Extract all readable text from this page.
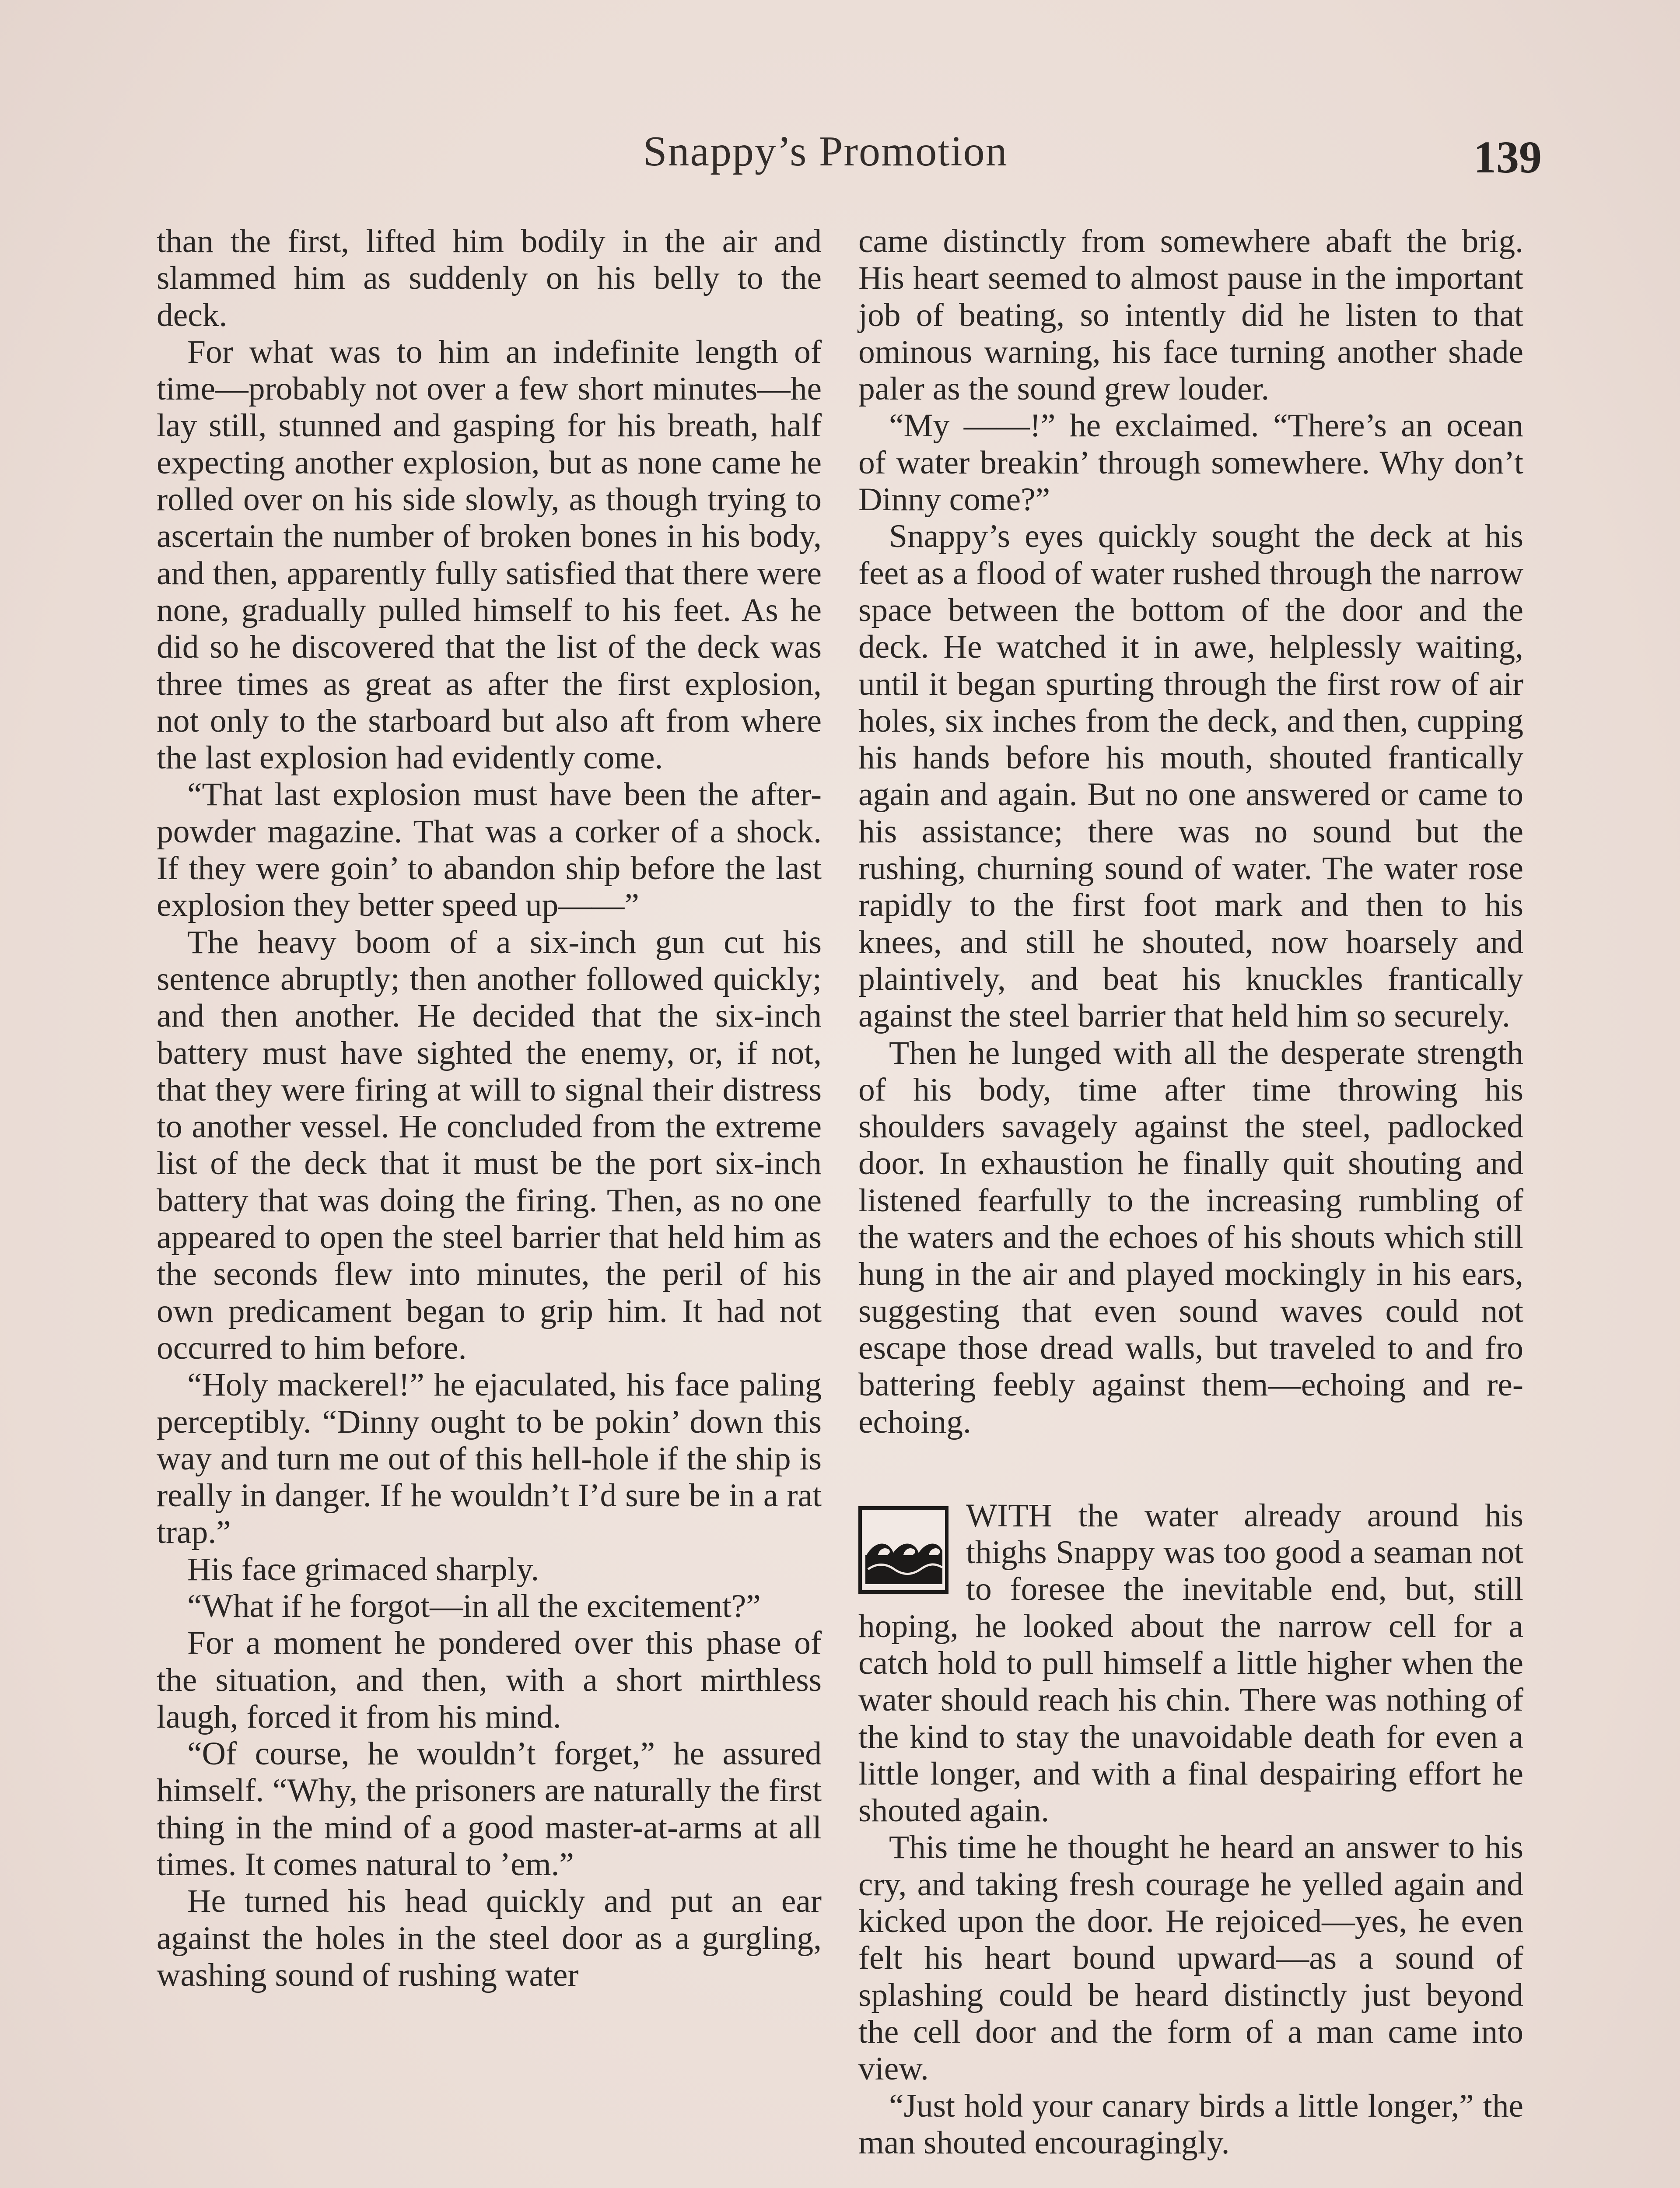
Snappy’s Promotion	139

than the first, lifted him bodily in the air and slammed him as suddenly on his belly to the deck.

For what was to him an indefinite length of time—probably not over a few short minutes—he lay still, stunned and gasping for his breath, half expecting another explosion, but as none came he rolled over on his side slowly, as though trying to ascertain the number of broken bones in his body, and then, apparently fully satisfied that there were none, gradually pulled himself to his feet. As he did so he discovered that the list of the deck was three times as great as after the first explosion, not only to the starboard but also aft from where the last explosion had evidently come.

“That last explosion must have been the after-powder magazine. That was a corker of a shock. If they were goin’ to abandon ship before the last explosion they better speed up——”

The heavy boom of a six-inch gun cut his sentence abruptly; then another followed quickly; and then another. He decided that the six-inch battery must have sighted the enemy, or, if not, that they were firing at will to signal their distress to another vessel. He concluded from the extreme list of the deck that it must be the port six-inch battery that was doing the firing. Then, as no one appeared to open the steel barrier that held him as the seconds flew into minutes, the peril of his own predicament began to grip him. It had not occurred to him before.

“Holy mackerel!” he ejaculated, his face paling perceptibly. “Dinny ought to be pokin’ down this way and turn me out of this hell-hole if the ship is really in danger. If he wouldn’t I’d sure be in a rat trap.”

His face grimaced sharply.

“What if he forgot—in all the excitement?”

For a moment he pondered over this phase of the situation, and then, with a short mirthless laugh, forced it from his mind.

“Of course, he wouldn’t forget,” he assured himself. “Why, the prisoners are naturally the first thing in the mind of a good master-at-arms at all times. It comes natural to ’em.”

He turned his head quickly and put an ear against the holes in the steel door as a gurgling, washing sound of rushing water

came distinctly from somewhere abaft the brig. His heart seemed to almost pause in the important job of beating, so intently did he listen to that ominous warning, his face turning another shade paler as the sound grew louder.

“My ——!” he exclaimed. “There’s an ocean of water breakin’ through somewhere. Why don’t Dinny come?”

Snappy’s eyes quickly sought the deck at his feet as a flood of water rushed through the narrow space between the bottom of the door and the deck. He watched it in awe, helplessly waiting, until it began spurting through the first row of air holes, six inches from the deck, and then, cupping his hands before his mouth, shouted frantically again and again. But no one answered or came to his assistance; there was no sound but the rushing, churning sound of water. The water rose rapidly to the first foot mark and then to his knees, and still he shouted, now hoarsely and plaintively, and beat his knuckles frantically against the steel barrier that held him so securely.

Then he lunged with all the desperate strength of his body, time after time throwing his shoulders savagely against the steel, padlocked door. In exhaustion he finally quit shouting and listened fearfully to the increasing rumbling of the waters and the echoes of his shouts which still hung in the air and played mockingly in his ears, suggesting that even sound waves could not escape those dread walls, but traveled to and fro battering feebly against them—echoing and re-echoing.

WITH the water already around his thighs Snappy was too good a seaman not to foresee the inevitable end, but, still hoping, he looked about the narrow cell for a catch hold to pull himself a little higher when the water should reach his chin. There was nothing of the kind to stay the unavoidable death for even a little longer, and with a final despairing effort he shouted again.

This time he thought he heard an answer to his cry, and taking fresh courage he yelled again and kicked upon the door. He rejoiced—yes, he even felt his heart bound upward—as a sound of splashing could be heard distinctly just beyond the cell door and the form of a man came into view.

“Just hold your canary birds a little longer,” the man shouted encouragingly.
